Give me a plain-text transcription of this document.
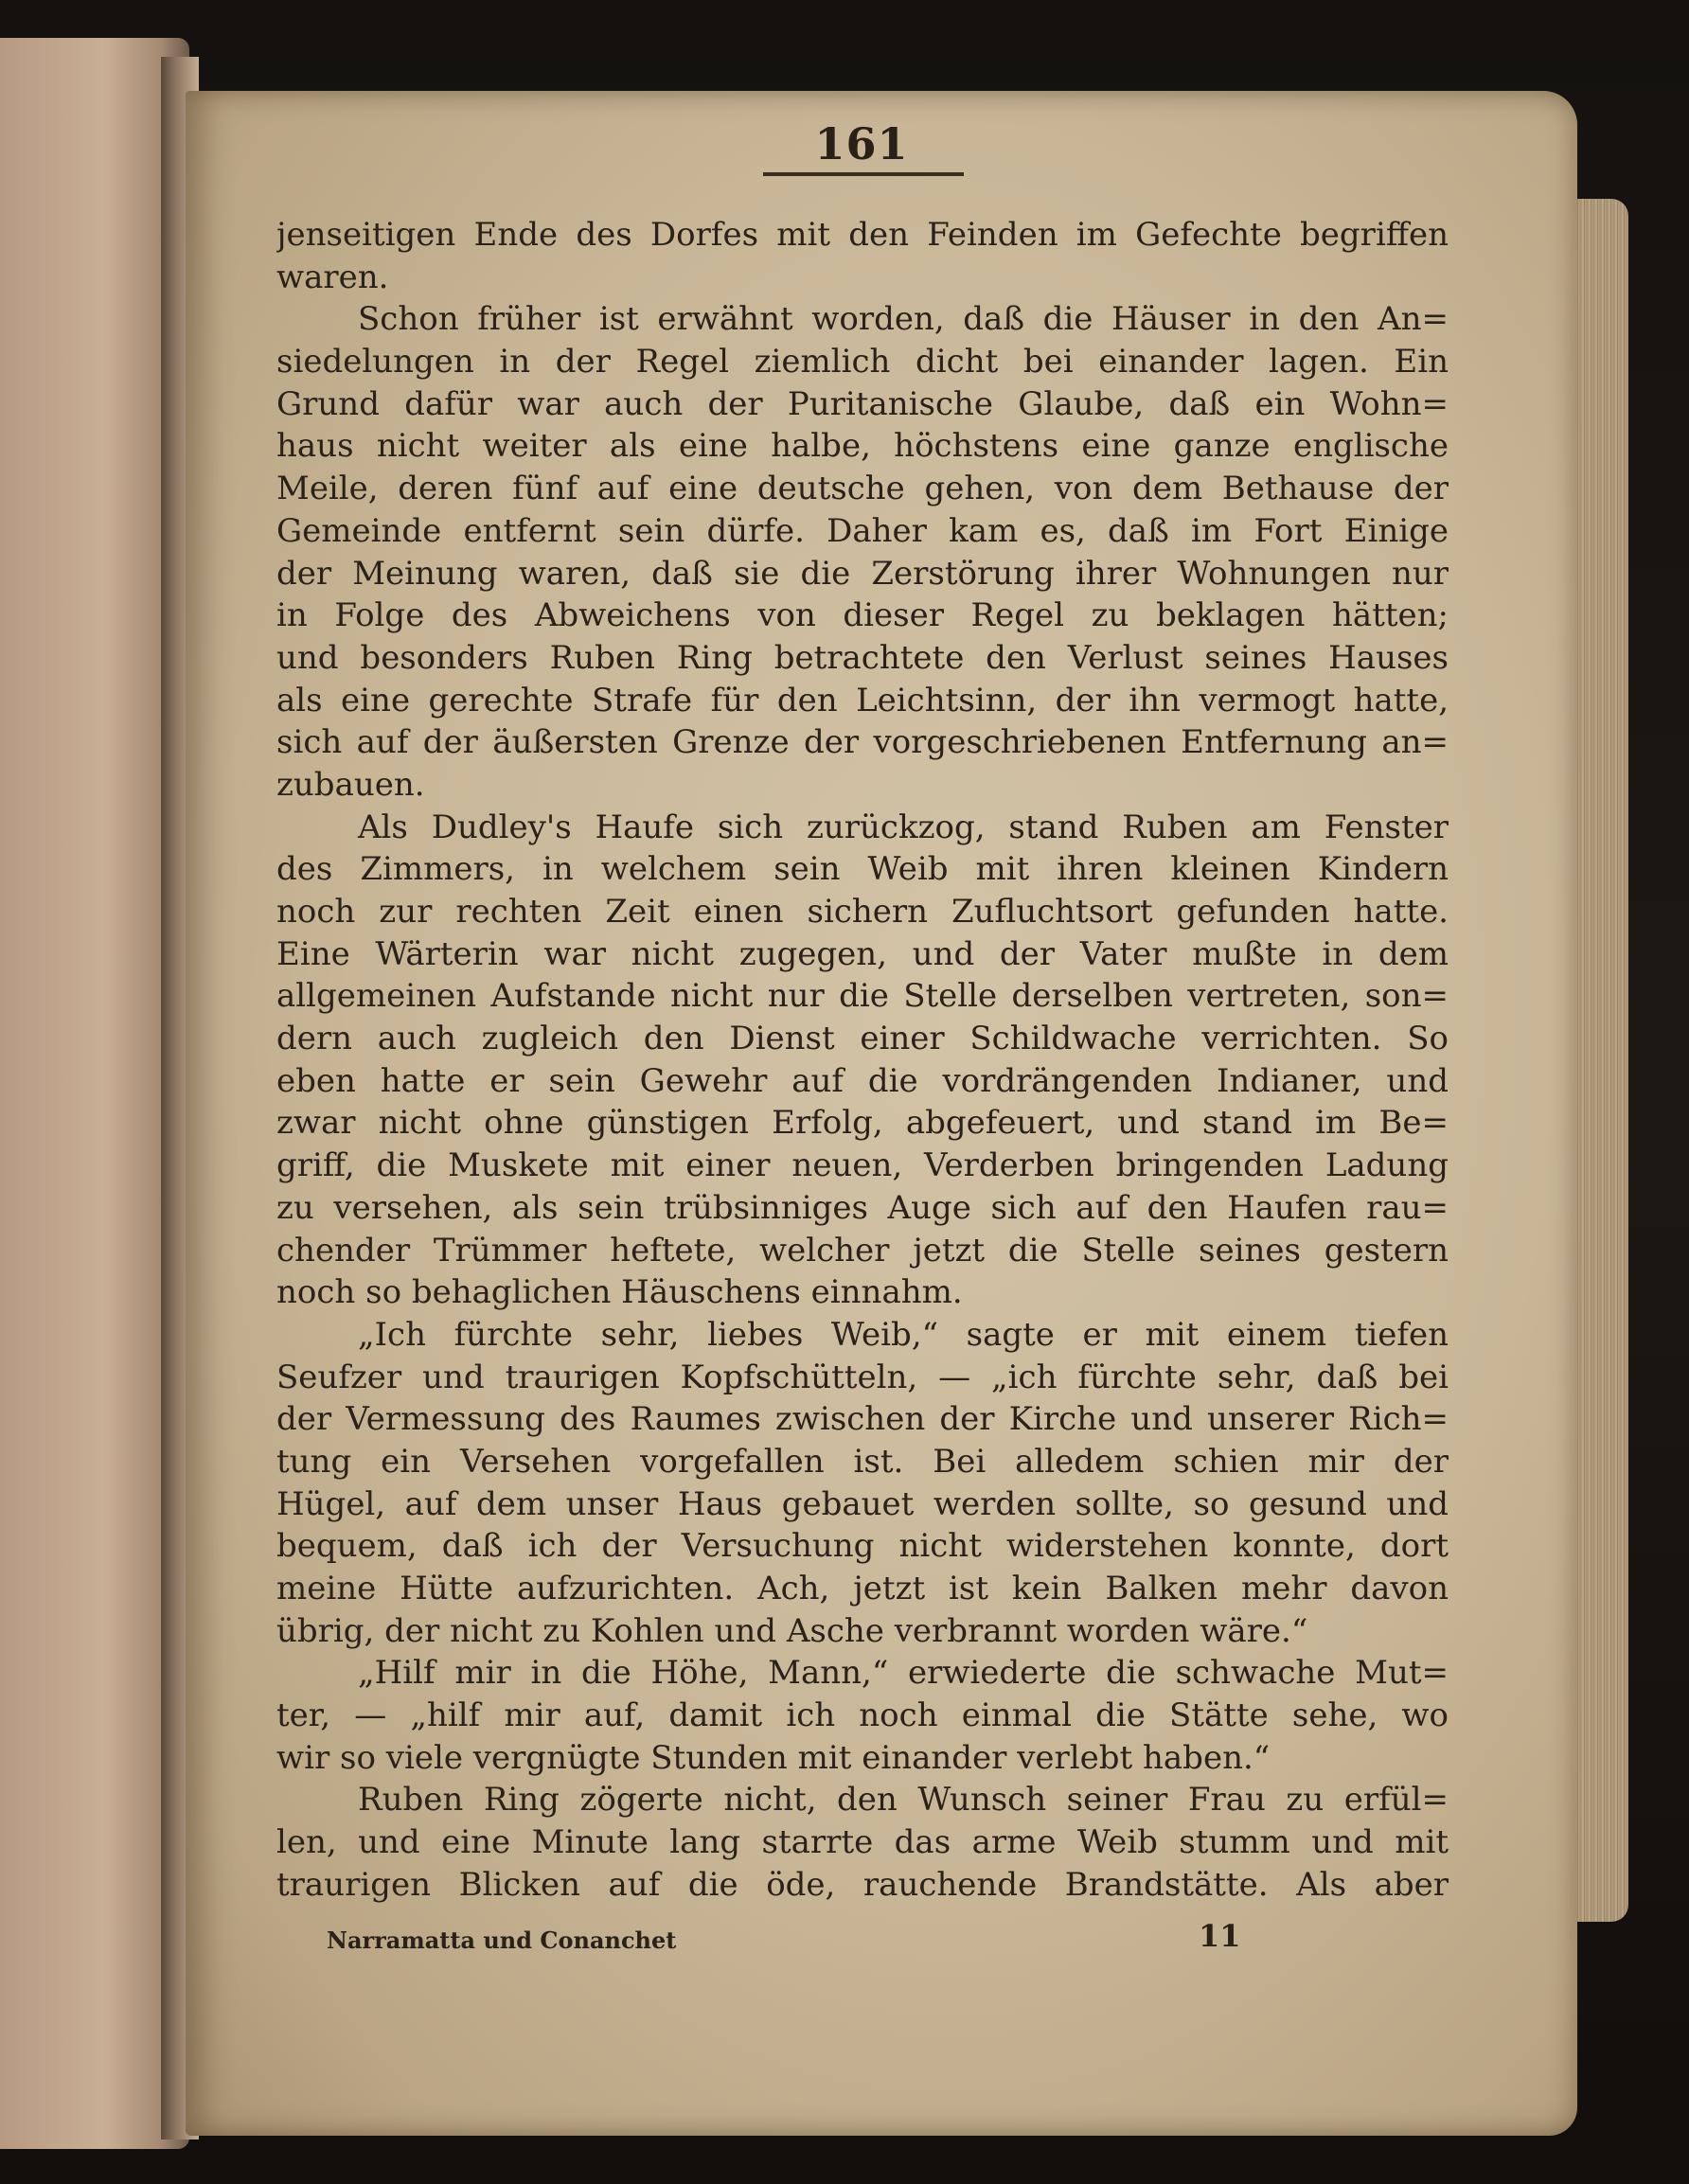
161
jenseitigen Ende des Dorfes mit den Feinden im Gefechte begriffen
waren.
Schon früher ist erwähnt worden, daß die Häuser in den An=
siedelungen in der Regel ziemlich dicht bei einander lagen. Ein
Grund dafür war auch der Puritanische Glaube, daß ein Wohn=
haus nicht weiter als eine halbe, höchstens eine ganze englische
Meile, deren fünf auf eine deutsche gehen, von dem Bethause der
Gemeinde entfernt sein dürfe. Daher kam es, daß im Fort Einige
der Meinung waren, daß sie die Zerstörung ihrer Wohnungen nur
in Folge des Abweichens von dieser Regel zu beklagen hätten;
und besonders Ruben Ring betrachtete den Verlust seines Hauses
als eine gerechte Strafe für den Leichtsinn, der ihn vermogt hatte,
sich auf der äußersten Grenze der vorgeschriebenen Entfernung an=
zubauen.
Als Dudley's Haufe sich zurückzog, stand Ruben am Fenster
des Zimmers, in welchem sein Weib mit ihren kleinen Kindern
noch zur rechten Zeit einen sichern Zufluchtsort gefunden hatte.
Eine Wärterin war nicht zugegen, und der Vater mußte in dem
allgemeinen Aufstande nicht nur die Stelle derselben vertreten, son=
dern auch zugleich den Dienst einer Schildwache verrichten. So
eben hatte er sein Gewehr auf die vordrängenden Indianer, und
zwar nicht ohne günstigen Erfolg, abgefeuert, und stand im Be=
griff, die Muskete mit einer neuen, Verderben bringenden Ladung
zu versehen, als sein trübsinniges Auge sich auf den Haufen rau=
chender Trümmer heftete, welcher jetzt die Stelle seines gestern
noch so behaglichen Häuschens einnahm.
„Ich fürchte sehr, liebes Weib,“ sagte er mit einem tiefen
Seufzer und traurigen Kopfschütteln, — „ich fürchte sehr, daß bei
der Vermessung des Raumes zwischen der Kirche und unserer Rich=
tung ein Versehen vorgefallen ist. Bei alledem schien mir der
Hügel, auf dem unser Haus gebauet werden sollte, so gesund und
bequem, daß ich der Versuchung nicht widerstehen konnte, dort
meine Hütte aufzurichten. Ach, jetzt ist kein Balken mehr davon
übrig, der nicht zu Kohlen und Asche verbrannt worden wäre.“
„Hilf mir in die Höhe, Mann,“ erwiederte die schwache Mut=
ter, — „hilf mir auf, damit ich noch einmal die Stätte sehe, wo
wir so viele vergnügte Stunden mit einander verlebt haben.“
Ruben Ring zögerte nicht, den Wunsch seiner Frau zu erfül=
len, und eine Minute lang starrte das arme Weib stumm und mit
traurigen Blicken auf die öde, rauchende Brandstätte. Als aber
Narramatta und Conanchet	11
